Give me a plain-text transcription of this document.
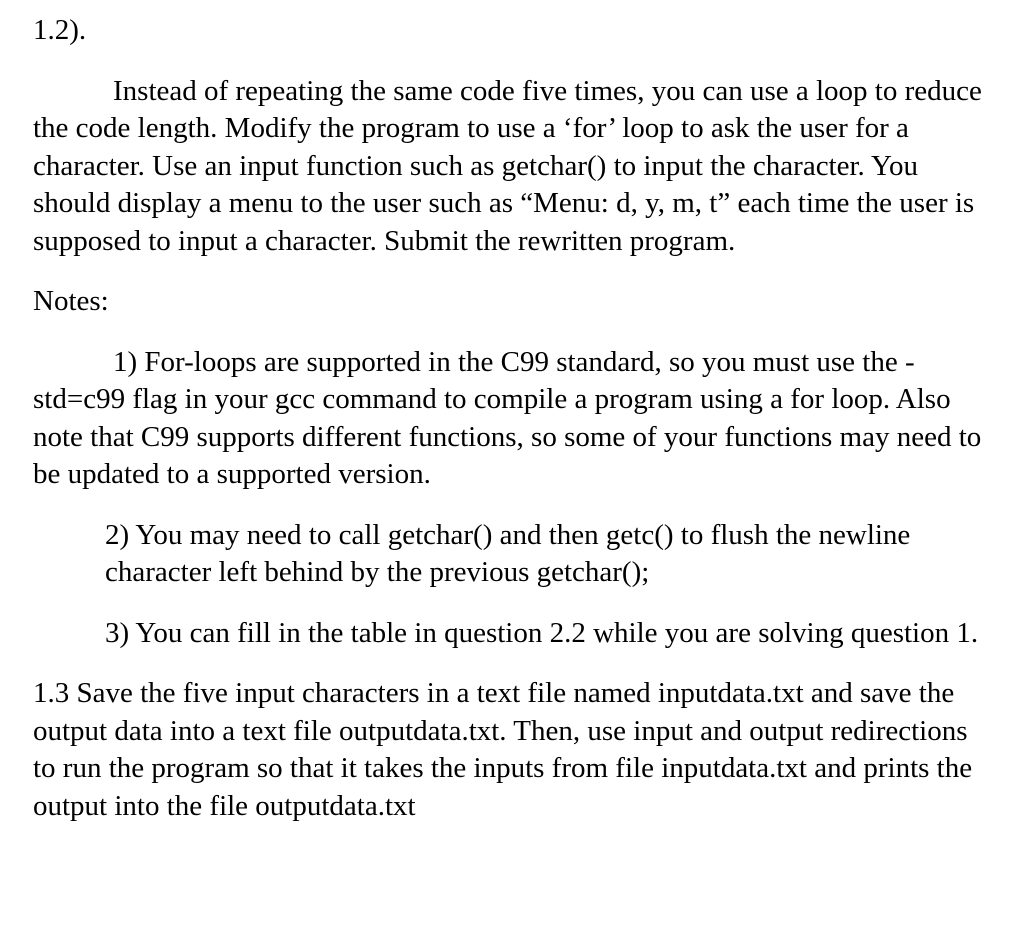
1.2).

Instead of repeating the same code five times, you can use a loop to reduce the code length. Modify the program to use a ‘for’ loop to ask the user for a character. Use an input function such as getchar() to input the character. You should display a menu to the user such as “Menu: d, y, m, t” each time the user is supposed to input a character. Submit the rewritten program.

Notes:

1) For-loops are supported in the C99 standard, so you must use the -std=c99 flag in your gcc command to compile a program using a for loop. Also note that C99 supports different functions, so some of your functions may need to be updated to a supported version.

2) You may need to call getchar() and then getc() to flush the newline character left behind by the previous getchar();

3) You can fill in the table in question 2.2 while you are solving question 1.

1.3 Save the five input characters in a text file named inputdata.txt and save the output data into a text file outputdata.txt. Then, use input and output redirections to run the program so that it takes the inputs from file inputdata.txt and prints the output into the file outputdata.txt
